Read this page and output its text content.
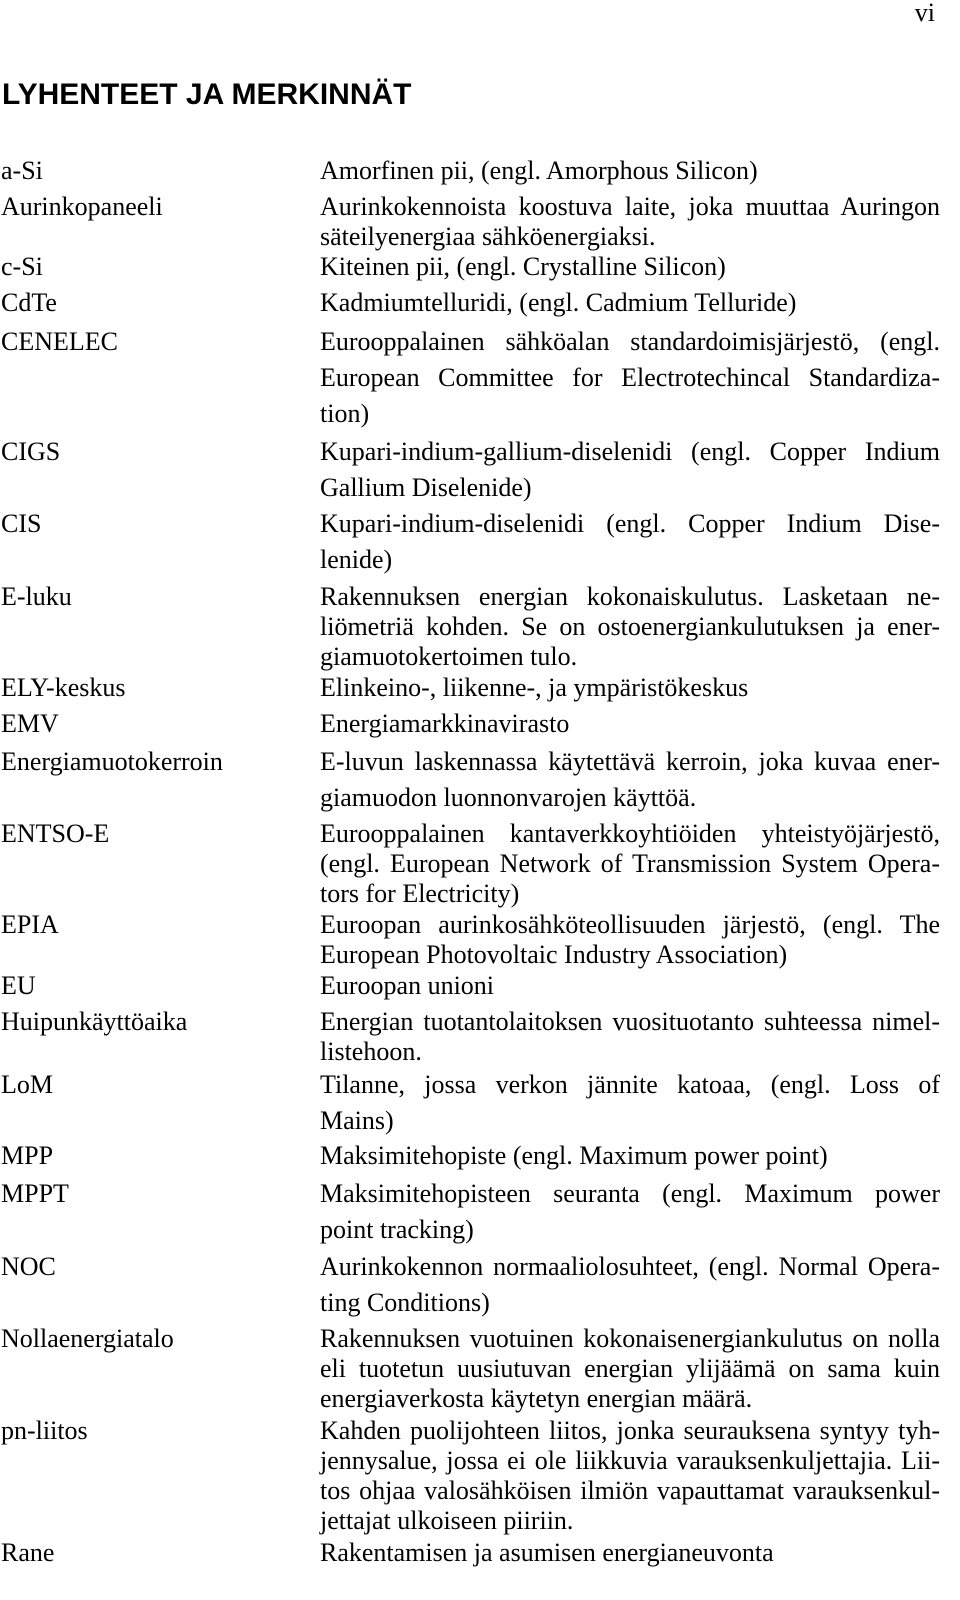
vi
LYHENTEET JA MERKINNÄT
a-Si	Amorfinen pii, (engl. Amorphous Silicon)
Aurinkopaneeli	Aurinkokennoista koostuva laite, joka muuttaa Auringon
säteilyenergiaa sähköenergiaksi.
c-Si	Kiteinen pii, (engl. Crystalline Silicon)
CdTe	Kadmiumtelluridi, (engl. Cadmium Telluride)
CENELEC	Eurooppalainen sähköalan standardoimisjärjestö, (engl.
European Committee for Electrotechincal Standardiza-
tion)
CIGS	Kupari-indium-gallium-diselenidi (engl. Copper Indium
Gallium Diselenide)
CIS	Kupari-indium-diselenidi (engl. Copper Indium Dise-
lenide)
E-luku	Rakennuksen energian kokonaiskulutus. Lasketaan ne-
liömetriä kohden. Se on ostoenergiankulutuksen ja ener-
giamuotokertoimen tulo.
ELY-keskus	Elinkeino-, liikenne-, ja ympäristökeskus
EMV	Energiamarkkinavirasto
Energiamuotokerroin	E-luvun laskennassa käytettävä kerroin, joka kuvaa ener-
giamuodon luonnonvarojen käyttöä.
ENTSO-E	Eurooppalainen kantaverkkoyhtiöiden yhteistyöjärjestö,
(engl. European Network of Transmission System Opera-
tors for Electricity)
EPIA	Euroopan aurinkosähköteollisuuden järjestö, (engl. The
European Photovoltaic Industry Association)
EU	Euroopan unioni
Huipunkäyttöaika	Energian tuotantolaitoksen vuosituotanto suhteessa nimel-
listehoon.
LoM	Tilanne, jossa verkon jännite katoaa, (engl. Loss of
Mains)
MPP	Maksimitehopiste (engl. Maximum power point)
MPPT	Maksimitehopisteen seuranta (engl. Maximum power
point tracking)
NOC	Aurinkokennon normaaliolosuhteet, (engl. Normal Opera-
ting Conditions)
Nollaenergiatalo	Rakennuksen vuotuinen kokonaisenergiankulutus on nolla
eli tuotetun uusiutuvan energian ylijäämä on sama kuin
energiaverkosta käytetyn energian määrä.
pn-liitos	Kahden puolijohteen liitos, jonka seurauksena syntyy tyh-
jennysalue, jossa ei ole liikkuvia varauksenkuljettajia. Lii-
tos ohjaa valosähköisen ilmiön vapauttamat varauksenkul-
jettajat ulkoiseen piiriin.
Rane	Rakentamisen ja asumisen energianeuvonta
